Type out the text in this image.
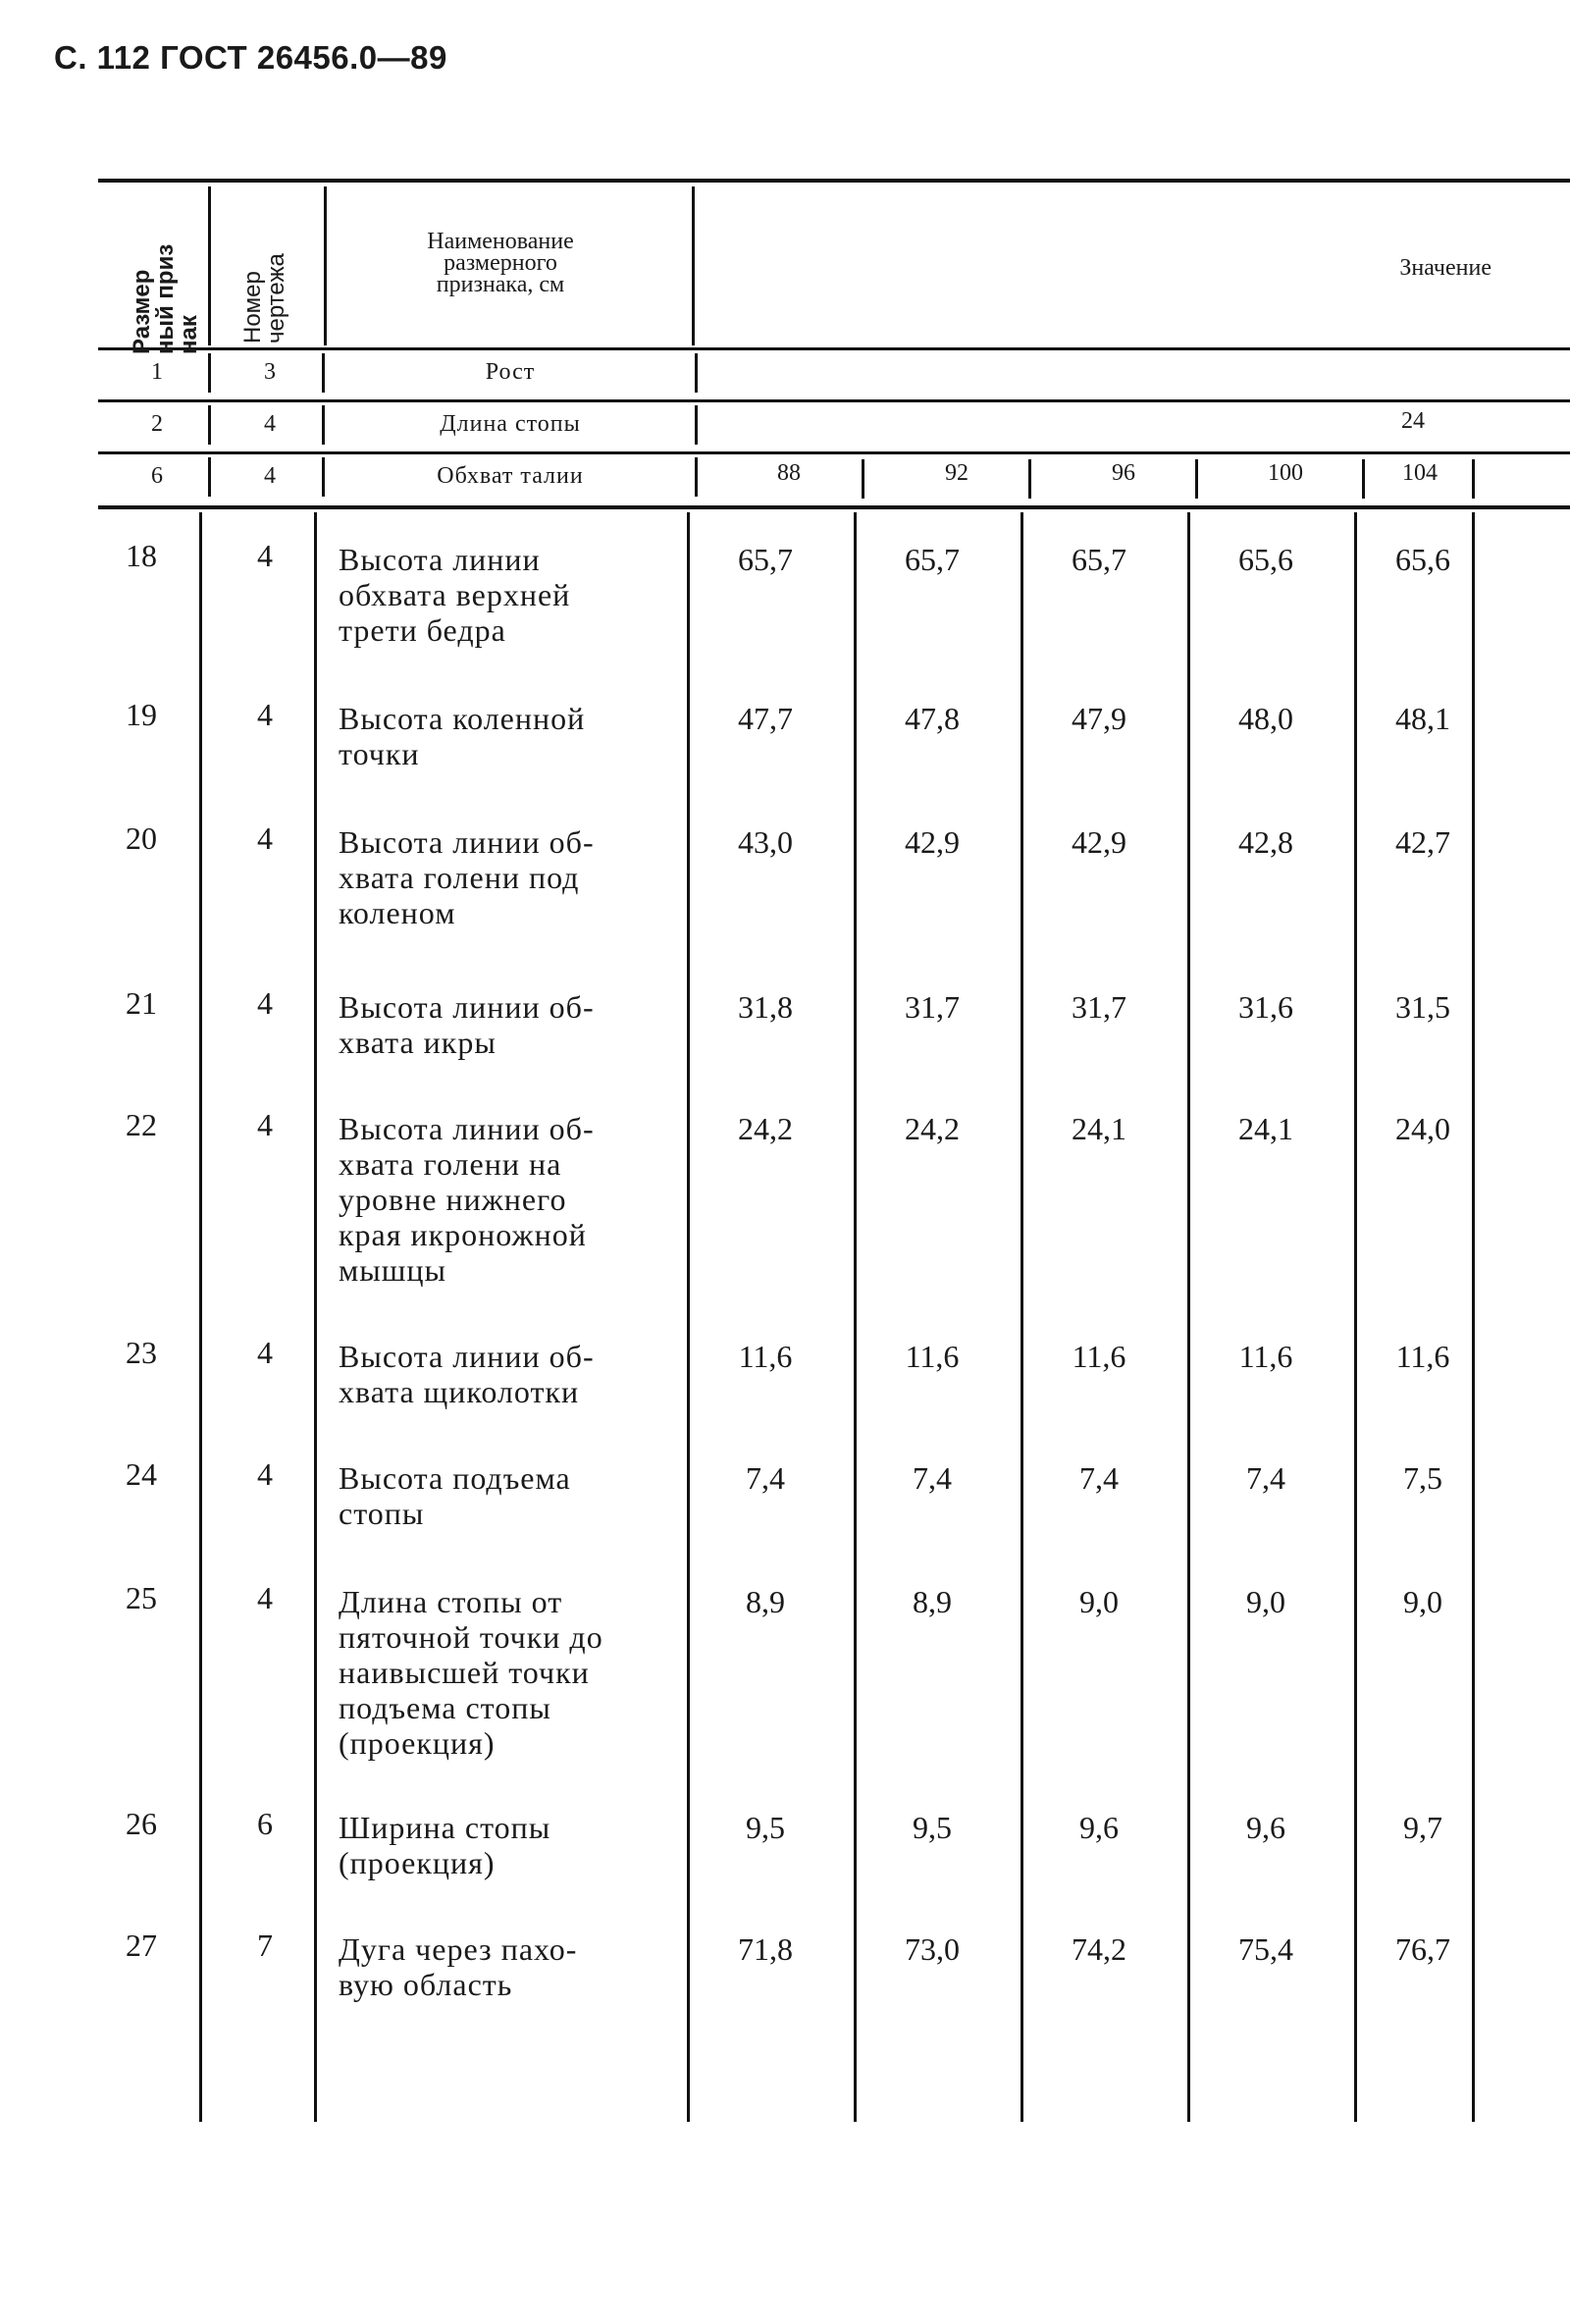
С. 112 ГОСТ 26456.0—89
Размер
ный приз
нак Номер
чертежа
Наименование
размерного
признака, см
Значение
1	3	Рост
2	4	Длина стопы	24
6	4	Обхват талии	88	92	96	100	104
18	4 Высота линии
обхвата верхней
трети бедра
65,7	65,7	65,7	65,6	65,6
19	4 Высота коленной
точки
47,7	47,8	47,9	48,0	48,1
20	4 Высота линии об-
хвата голени под
коленом
43,0	42,9	42,9	42,8	42,7
21	4 Высота линии об-
хвата икры
31,8	31,7	31,7	31,6	31,5
22	4 Высота линии об-
хвата голени на
уровне нижнего
края икроножной
мышцы
24,2	24,2	24,1	24,1	24,0
23	4 Высота линии об-
хвата щиколотки
11,6	11,6	11,6	11,6	11,6
24	4 Высота подъема
стопы
7,4	7,4	7,4	7,4	7,5
25	4 Длина стопы от
пяточной точки до
наивысшей точки
подъема стопы
(проекция)
8,9	8,9	9,0	9,0	9,0
26	6 Ширина стопы
(проекция)
9,5	9,5	9,6	9,6	9,7
27	7 Дуга через пахо-
вую область
71,8	73,0	74,2	75,4	76,7
